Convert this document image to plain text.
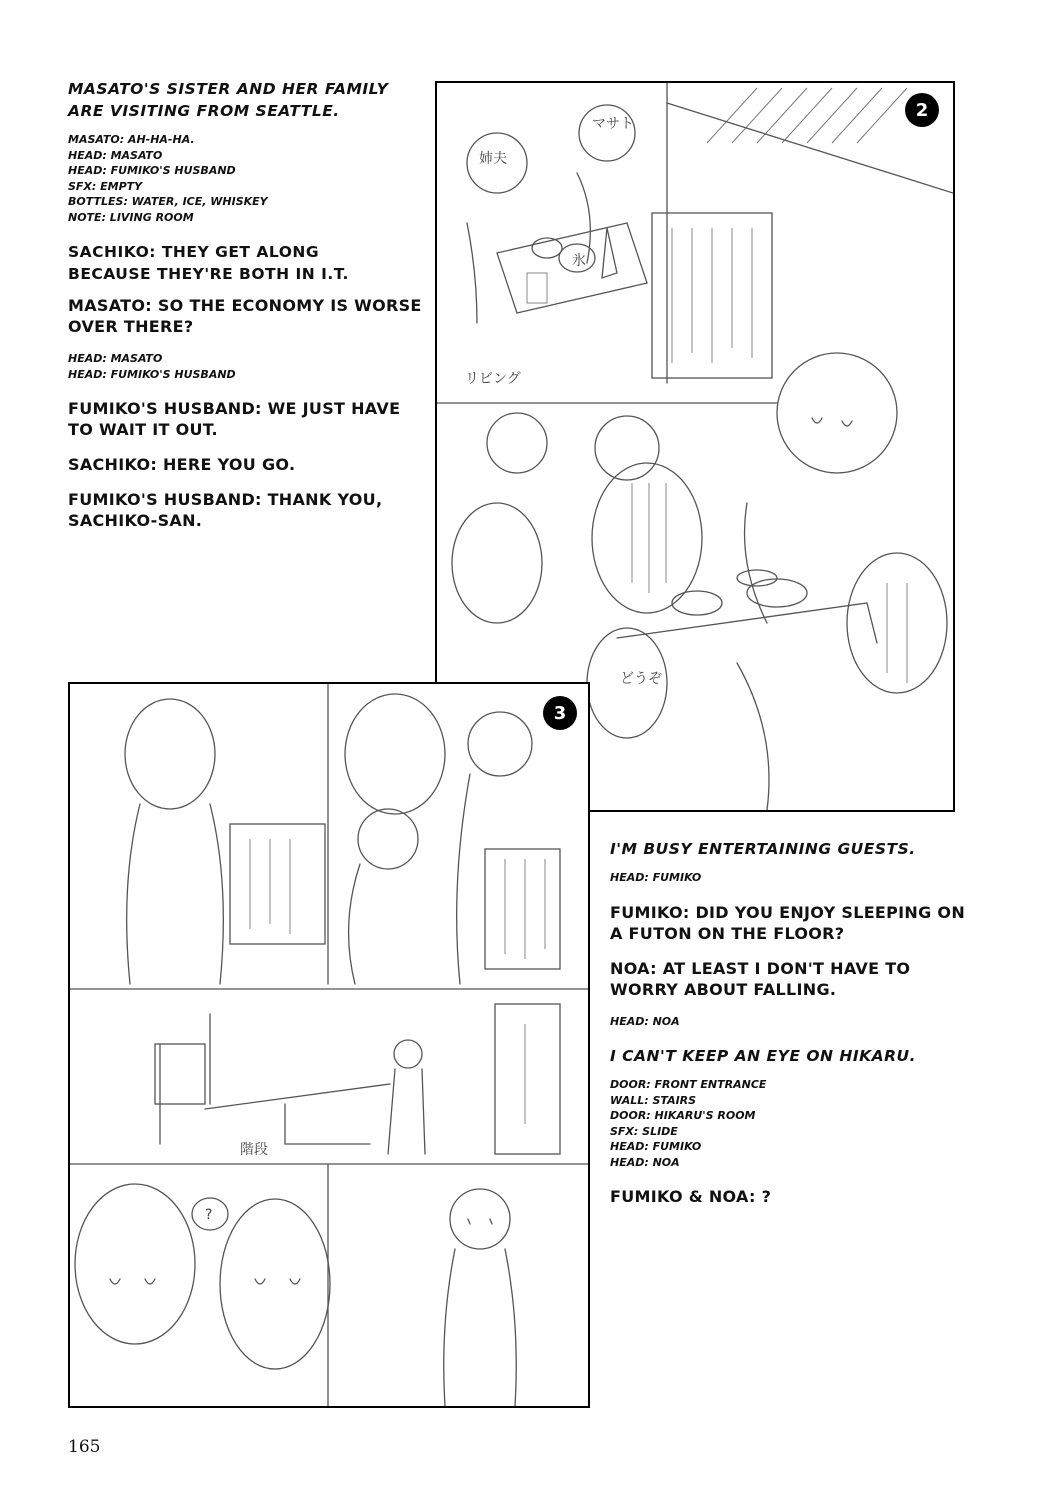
MASATO'S SISTER AND HER FAMILY ARE VISITING FROM SEATTLE.

MASATO: AH-HA-HA.

HEAD: MASATO

HEAD: FUMIKO'S HUSBAND

SFX: EMPTY

BOTTLES: WATER, ICE, WHISKEY

NOTE: LIVING ROOM

SACHIKO: THEY GET ALONG BECAUSE THEY'RE BOTH IN I.T.

MASATO: SO THE ECONOMY IS WORSE OVER THERE?

HEAD: MASATO

HEAD: FUMIKO'S HUSBAND

FUMIKO'S HUSBAND: WE JUST HAVE TO WAIT IT OUT.

SACHIKO: HERE YOU GO.

FUMIKO'S HUSBAND: THANK YOU, SACHIKO-SAN.

マサト
姉夫
氷
リビング
どうぞ
2
階段
?
3

I'M BUSY ENTERTAINING GUESTS.

HEAD: FUMIKO

FUMIKO: DID YOU ENJOY SLEEPING ON A FUTON ON THE FLOOR?

NOA: AT LEAST I DON'T HAVE TO WORRY ABOUT FALLING.

HEAD: NOA

I CAN'T KEEP AN EYE ON HIKARU.

DOOR: FRONT ENTRANCE

WALL: STAIRS

DOOR: HIKARU'S ROOM

SFX: SLIDE

HEAD: FUMIKO

HEAD: NOA

FUMIKO & NOA: ?

165
